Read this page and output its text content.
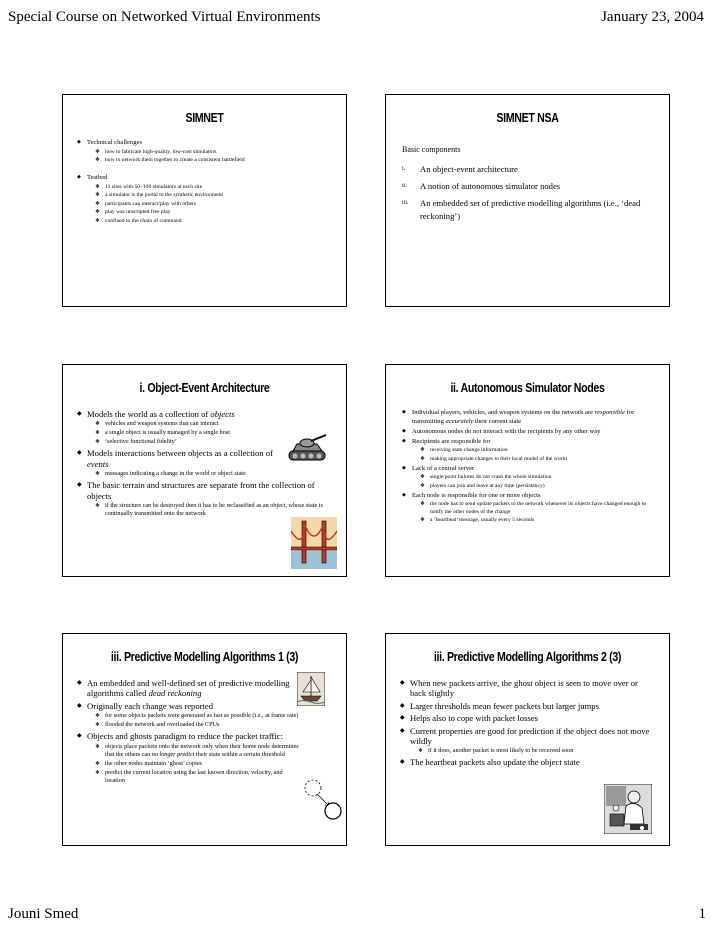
Special Course on Networked Virtual Environments	January 23, 2004
SIMNET
◆ Technical challenges
❖ how to fabricate high-quality, low-cost simulators
❖ how to network them together to create a consistent battlefield
◆ Testbed
❖ 11 sites with 50–100 simulators at each site
❖ a simulator is the portal to the synthetic environment
❖ participants can interact/play with others
❖ play was unscripted free play
❖ confined to the chain of command
SIMNET NSA
Basic components
i. An object-event architecture
ii. A notion of autonomous simulator nodes
iii. An embedded set of predictive modelling algorithms (i.e., ‘dead reckoning’)
i. Object-Event Architecture
◆ Models the world as a collection of objects
❖ vehicles and weapon systems that can interact
❖ a single object is usually managed by a single host
❖ ‘selective functional fidelity’
◆ Models interactions between objects as a collection of events
❖ messages indicating a change in the world or object state
◆ The basic terrain and structures are separate from the collection of objects
❖ if the structure can be destroyed then it has to be reclassified as an object, whose state is continually transmitted onto the network
ii. Autonomous Simulator Nodes
◆ Individual players, vehicles, and weapon systems on the network are responsible for transmitting accurately their current state
◆ Autonomous nodes do not interact with the recipients by any other way
◆ Recipients are responsible for
❖ receiving state change information
❖ making appropriate changes to their local model of the world
◆ Lack of a central server
❖ single point failures do not crash the whole simulation
❖ players can join and leave at any time (persistency)
◆ Each node is responsible for one or more objects
❖ the node has to send update packets to the network whenever its objects have changed enough to notify the other nodes of the change
❖ a ‘heartbeat’ message, usually every 5 seconds
iii. Predictive Modelling Algorithms 1 (3)
◆ An embedded and well-defined set of predictive modelling algorithms called dead reckoning
◆ Originally each change was reported
❖ for some objects packets were generated as fast as possible (i.e., at frame rate)
❖ flooded the network and overloaded the CPUs
◆ Objects and ghosts paradigm to reduce the packet traffic:
❖ objects place packets onto the network only when their home node determines that the others can no longer predict their state within a certain threshold
❖ the other nodes maintain ‘ghost’ copies
❖ predict the current location using the last known direction, velocity, and location
iii. Predictive Modelling Algorithms 2 (3)
◆ When new packets arrive, the ghost object is seen to move over or back slightly
◆ Larger thresholds mean fewer packets but larger jumps
◆ Helps also to cope with packet losses
◆ Current properties are good for prediction if the object does not move wildly
❖ if it does, another packet is most likely to be received soon
◆ The heartbeat packets also update the object state
Jouni Smed	1
